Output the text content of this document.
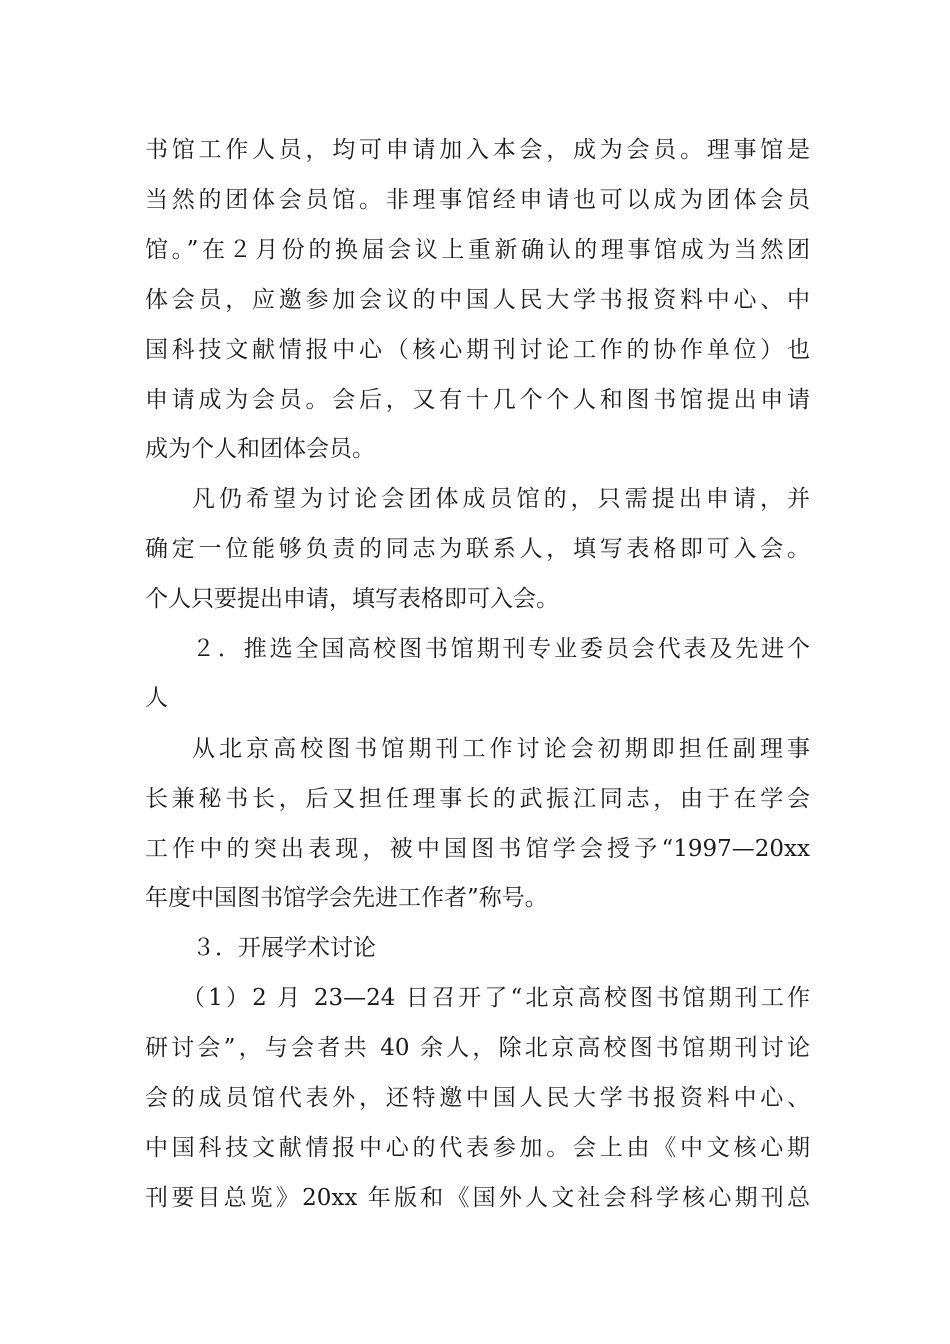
书馆工作人员，均可申请加入本会，成为会员。理事馆是
当然的团体会员馆。非理事馆经申请也可以成为团体会员
馆。”在２月份的换届会议上重新确认的理事馆成为当然团
体会员，应邀参加会议的中国人民大学书报资料中心、中
国科技文献情报中心（核心期刊讨论工作的协作单位）也
申请成为会员。会后，又有十几个个人和图书馆提出申请
成为个人和团体会员。
凡仍希望为讨论会团体成员馆的，只需提出申请，并
确定一位能够负责的同志为联系人，填写表格即可入会。
个人只要提出申请，填写表格即可入会。
２．推选全国高校图书馆期刊专业委员会代表及先进个
人
从北京高校图书馆期刊工作讨论会初期即担任副理事
长兼秘书长，后又担任理事长的武振江同志，由于在学会
工作中的突出表现，被中国图书馆学会授予“1997—20xx
年度中国图书馆学会先进工作者”称号。
３．开展学术讨论
（1）2 月 23—24 日召开了“北京高校图书馆期刊工作
研讨会”，与会者共 40 余人，除北京高校图书馆期刊讨论
会的成员馆代表外，还特邀中国人民大学书报资料中心、
中国科技文献情报中心的代表参加。会上由《中文核心期
刊要目总览》20xx 年版和《国外人文社会科学核心期刊总
